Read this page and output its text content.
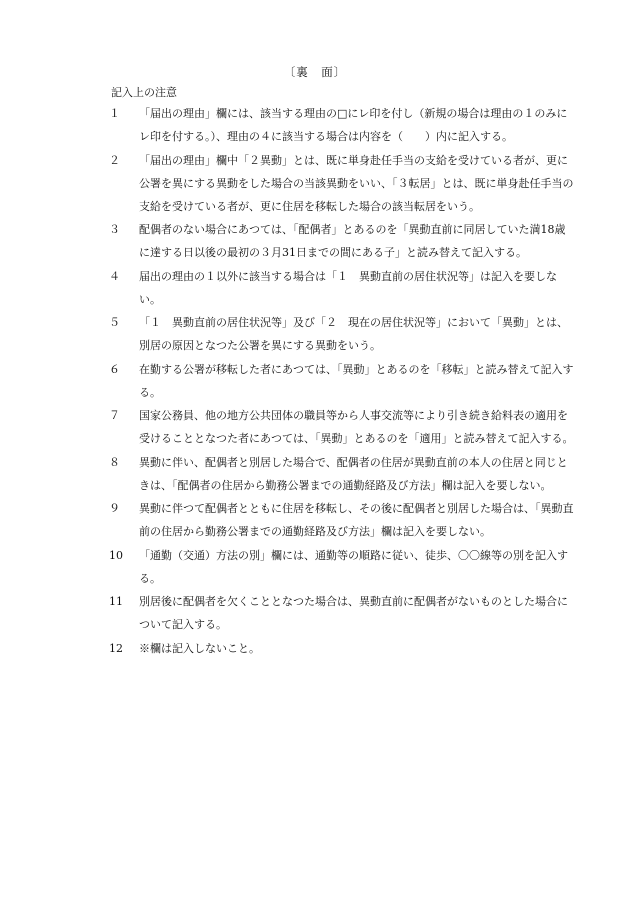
〔裏　面〕
記入上の注意
１	「届出の理由」欄には、該当する理由の□にレ印を付し（新規の場合は理由の１のみにレ印を付する。）、理由の４に該当する場合は内容を（　　）内に記入する。
２	「届出の理由」欄中「２異動」とは、既に単身赴任手当の支給を受けている者が、更に公署を異にする異動をした場合の当該異動をいい、「３転居」とは、既に単身赴任手当の支給を受けている者が、更に住居を移転した場合の該当転居をいう。
３	配偶者のない場合にあつては、「配偶者」とあるのを「異動直前に同居していた満18歳に達する日以後の最初の３月31日までの間にある子」と読み替えて記入する。
４	届出の理由の１以外に該当する場合は「１　異動直前の居住状況等」は記入を要しない。
５	「１　異動直前の居住状況等」及び「２　現在の居住状況等」において「異動」とは、別居の原因となつた公署を異にする異動をいう。
６	在勤する公署が移転した者にあつては、「異動」とあるのを「移転」と読み替えて記入する。
７	国家公務員、他の地方公共団体の職員等から人事交流等により引き続き給料表の適用を受けることとなつた者にあつては、「異動」とあるのを「適用」と読み替えて記入する。
８	異動に伴い、配偶者と別居した場合で、配偶者の住居が異動直前の本人の住居と同じときは、「配偶者の住居から勤務公署までの通勤経路及び方法」欄は記入を要しない。
９	異動に伴つて配偶者とともに住居を移転し、その後に配偶者と別居した場合は、「異動直前の住居から勤務公署までの通勤経路及び方法」欄は記入を要しない。
10	「通勤（交通）方法の別」欄には、通勤等の順路に従い、徒歩、〇〇線等の別を記入する。
11	別居後に配偶者を欠くこととなつた場合は、異動直前に配偶者がないものとした場合について記入する。
12	※欄は記入しないこと。
